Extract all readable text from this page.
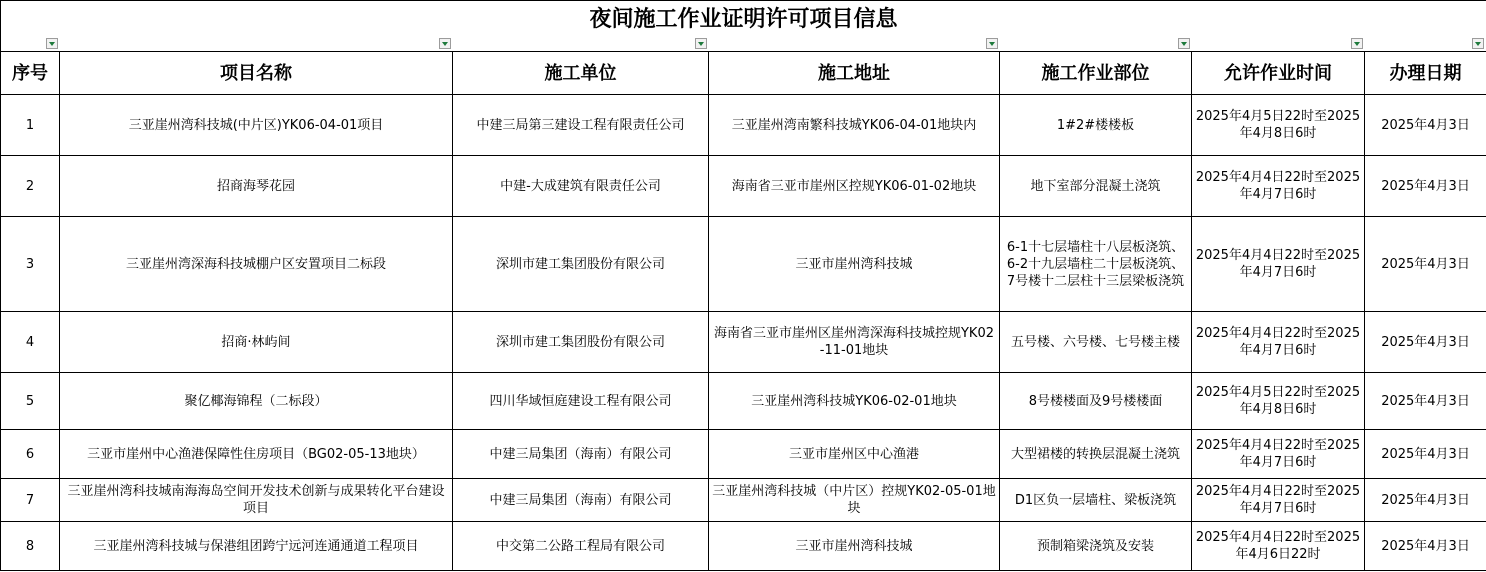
夜间施工作业证明许可项目信息						

序号	项目名称	施工单位	施工地址	施工作业部位	允许作业时间	办理日期
1	三亚崖州湾科技城(中片区)YK06-04-01项目	中建三局第三建设工程有限责任公司	三亚崖州湾南繁科技城YK06-04-01地块内	1#2#楼楼板	2025年4月5日22时至2025年4月8日6时	2025年4月3日
2	招商海琴花园	中建-大成建筑有限责任公司	海南省三亚市崖州区控规YK06-01-02地块	地下室部分混凝土浇筑	2025年4月4日22时至2025年4月7日6时	2025年4月3日
3	三亚崖州湾深海科技城棚户区安置项目二标段	深圳市建工集团股份有限公司	三亚市崖州湾科技城	6-1十七层墙柱十八层板浇筑、6-2十九层墙柱二十层板浇筑、7号楼十二层柱十三层梁板浇筑	2025年4月4日22时至2025年4月7日6时	2025年4月3日
4	招商·林屿间	深圳市建工集团股份有限公司	海南省三亚市崖州区崖州湾深海科技城控规YK02-11-01地块	五号楼、六号楼、七号楼主楼	2025年4月4日22时至2025年4月7日6时	2025年4月3日
5	聚亿椰海锦程（二标段）	四川华域恒庭建设工程有限公司	三亚崖州湾科技城YK06-02-01地块	8号楼楼面及9号楼楼面	2025年4月5日22时至2025年4月8日6时	2025年4月3日
6	三亚市崖州中心渔港保障性住房项目（BG02-05-13地块）	中建三局集团（海南）有限公司	三亚市崖州区中心渔港	大型裙楼的转换层混凝土浇筑	2025年4月4日22时至2025年4月7日6时	2025年4月3日
7	三亚崖州湾科技城南海海岛空间开发技术创新与成果转化平台建设项目	中建三局集团（海南）有限公司	三亚崖州湾科技城（中片区）控规YK02-05-01地块	D1区负一层墙柱、梁板浇筑	2025年4月4日22时至2025年4月7日6时	2025年4月3日
8	三亚崖州湾科技城与保港组团跨宁远河连通通道工程项目	中交第二公路工程局有限公司	三亚市崖州湾科技城	预制箱梁浇筑及安装	2025年4月4日22时至2025年4月6日22时	2025年4月3日
